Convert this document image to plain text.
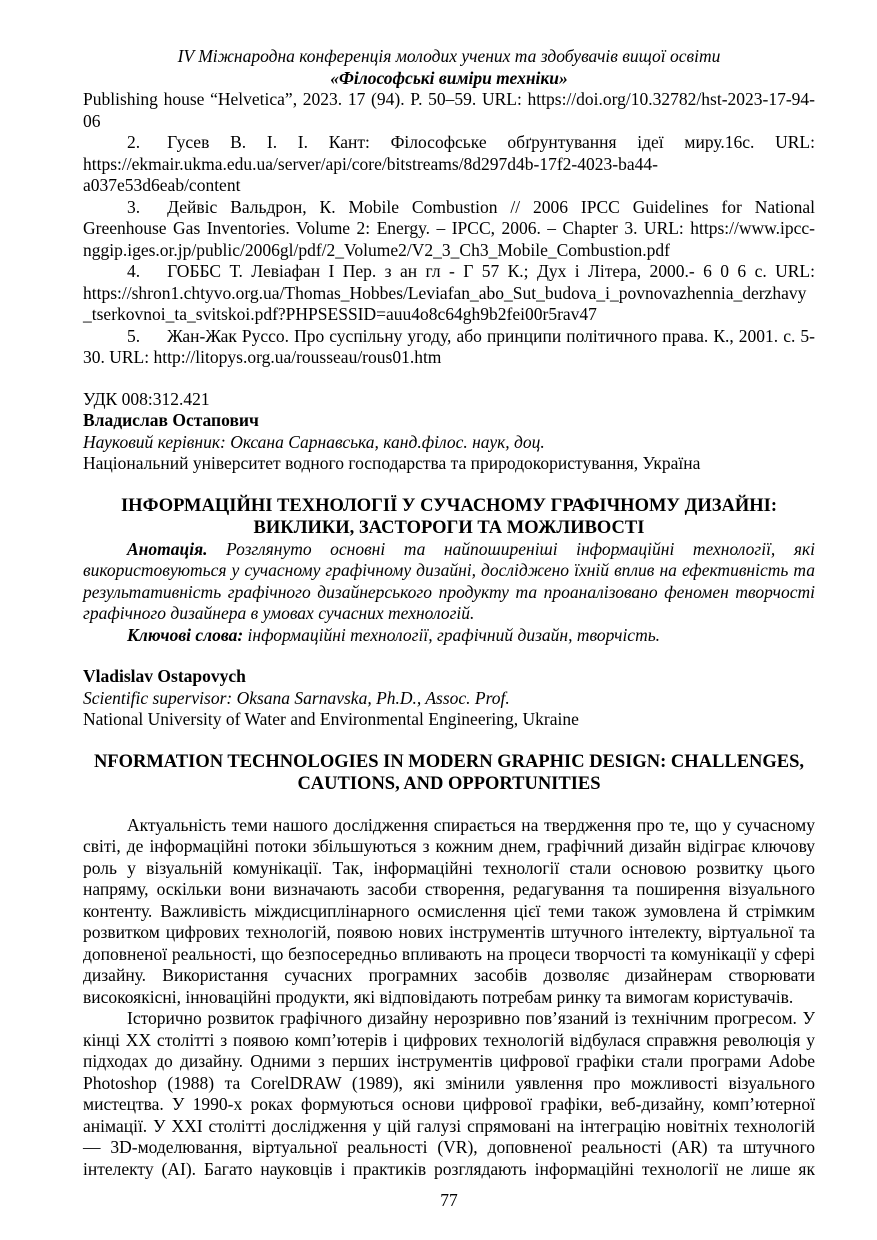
IV Міжнародна конференція молодих учених та здобувачів вищої освіти
«Філософські виміри техніки»

Publishing house “Helvetica”, 2023. 17 (94). P. 50–59. URL: https://doi.org/10.32782/hst-2023-17-94-06

2. Гусев В. І. І. Кант: Філософське обґрунтування ідеї миру.16с. URL: https://ekmair.ukma.edu.ua/server/api/core/bitstreams/8d297d4b-17f2-4023-ba44-a037e53d6eab/content

3. Дейвіс Вальдрон, К. Mobile Combustion // 2006 IPCC Guidelines for National Greenhouse Gas Inventories. Volume 2: Energy. – IPCC, 2006. – Chapter 3. URL: https://www.ipcc-nggip.iges.or.jp/public/2006gl/pdf/2_Volume2/V2_3_Ch3_Mobile_Combustion.pdf

4. ГОББС Т. Левіафан І Пер. з ан гл - Г 57 К.; Дух і Літера, 2000.- 6 0 6 с. URL: https://shron1.chtyvo.org.ua/Thomas_Hobbes/Leviafan_abo_Sut_budova_i_povnovazhennia_derzhavy_tserkovnoi_ta_svitskoi.pdf?PHPSESSID=auu4o8c64gh9b2fei00r5rav47

5. Жан-Жак Руссо. Про суспільну угоду, або принципи політичного права. К., 2001. с. 5-30. URL: http://litopys.org.ua/rousseau/rous01.htm

УДК 008:312.421

Владислав Остапович

Науковий керівник: Оксана Сарнавська, канд.філос. наук, доц.

Національний університет водного господарства та природокористування, Україна

ІНФОРМАЦІЙНІ ТЕХНОЛОГІЇ У СУЧАСНОМУ ГРАФІЧНОМУ ДИЗАЙНІ: ВИКЛИКИ, ЗАСТОРОГИ ТА МОЖЛИВОСТІ

Анотація. Розглянуто основні та найпоширеніші інформаційні технології, які використовуються у сучасному графічному дизайні, досліджено їхній вплив на ефективність та результативність графічного дизайнерського продукту та проаналізовано феномен творчості графічного дизайнера в умовах сучасних технологій.

Ключові слова: інформаційні технології, графічний дизайн, творчість.

Vladislav Ostapovych

Scientific supervisor: Oksana Sarnavska, Ph.D., Assoc. Prof.

National University of Water and Environmental Engineering, Ukraine

NFORMATION TECHNOLOGIES IN MODERN GRAPHIC DESIGN: CHALLENGES, CAUTIONS, AND OPPORTUNITIES

Актуальність теми нашого дослідження спирається на твердження про те, що у сучасному світі, де інформаційні потоки збільшуються з кожним днем, графічний дизайн відіграє ключову роль у візуальній комунікації. Так, інформаційні технології стали основою розвитку цього напряму, оскільки вони визначають засоби створення, редагування та поширення візуального контенту. Важливість міждисциплінарного осмислення цієї теми також зумовлена й стрімким розвитком цифрових технологій, появою нових інструментів штучного інтелекту, віртуальної та доповненої реальності, що безпосередньо впливають на процеси творчості та комунікації у сфері дизайну. Використання сучасних програмних засобів дозволяє дизайнерам створювати високоякісні, інноваційні продукти, які відповідають потребам ринку та вимогам користувачів.

Історично розвиток графічного дизайну нерозривно пов’язаний із технічним прогресом. У кінці XX столітті з появою комп’ютерів і цифрових технологій відбулася справжня революція у підходах до дизайну. Одними з перших інструментів цифрової графіки стали програми Adobe Photoshop (1988) та CorelDRAW (1989), які змінили уявлення про можливості візуального мистецтва. У 1990-х роках формуються основи цифрової графіки, веб-дизайну, комп’ютерної анімації. У XXI столітті дослідження у цій галузі спрямовані на інтеграцію новітніх технологій — 3D-моделювання, віртуальної реальності (VR), доповненої реальності (AR) та штучного інтелекту (AI). Багато науковців і практиків розглядають інформаційні технології не лише як

77
